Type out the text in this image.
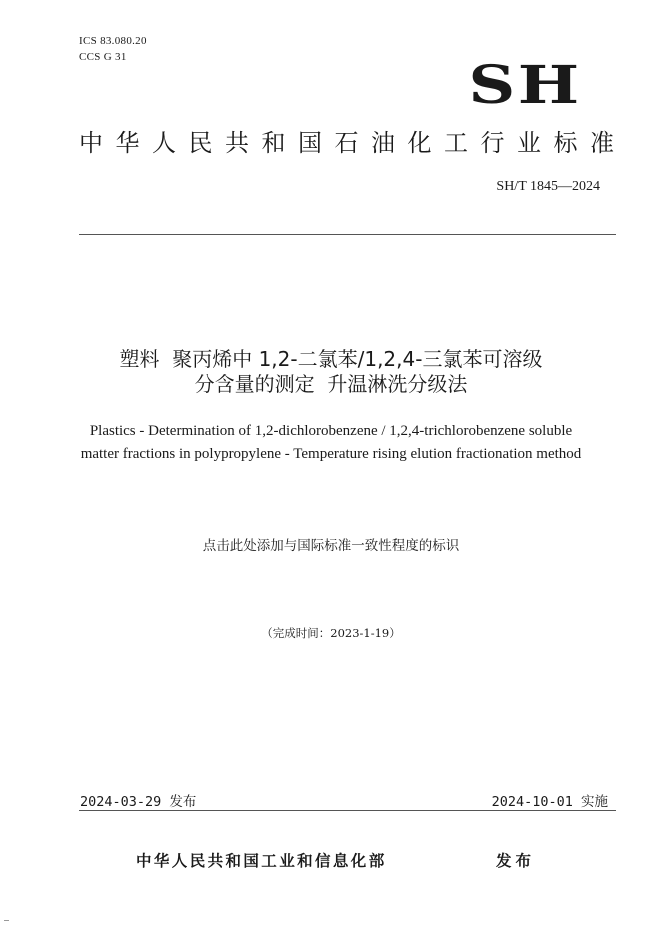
ICS 83.080.20
CCS G 31	SH
中华人民共和国石油化工行业标准
SH/T 1845—2024
塑料  聚丙烯中 1,2-二氯苯/1,2,4-三氯苯可溶级
分含量的测定  升温淋洗分级法
Plastics - Determination of 1,2-dichlorobenzene / 1,2,4-trichlorobenzene soluble
matter fractions in polypropylene - Temperature rising elution fractionation method
点击此处添加与国际标准一致性程度的标识
（完成时间：2023-1-19）
2024-03-29 发布	2024-10-01 实施
中华人民共和国工业和信息化部	发布
